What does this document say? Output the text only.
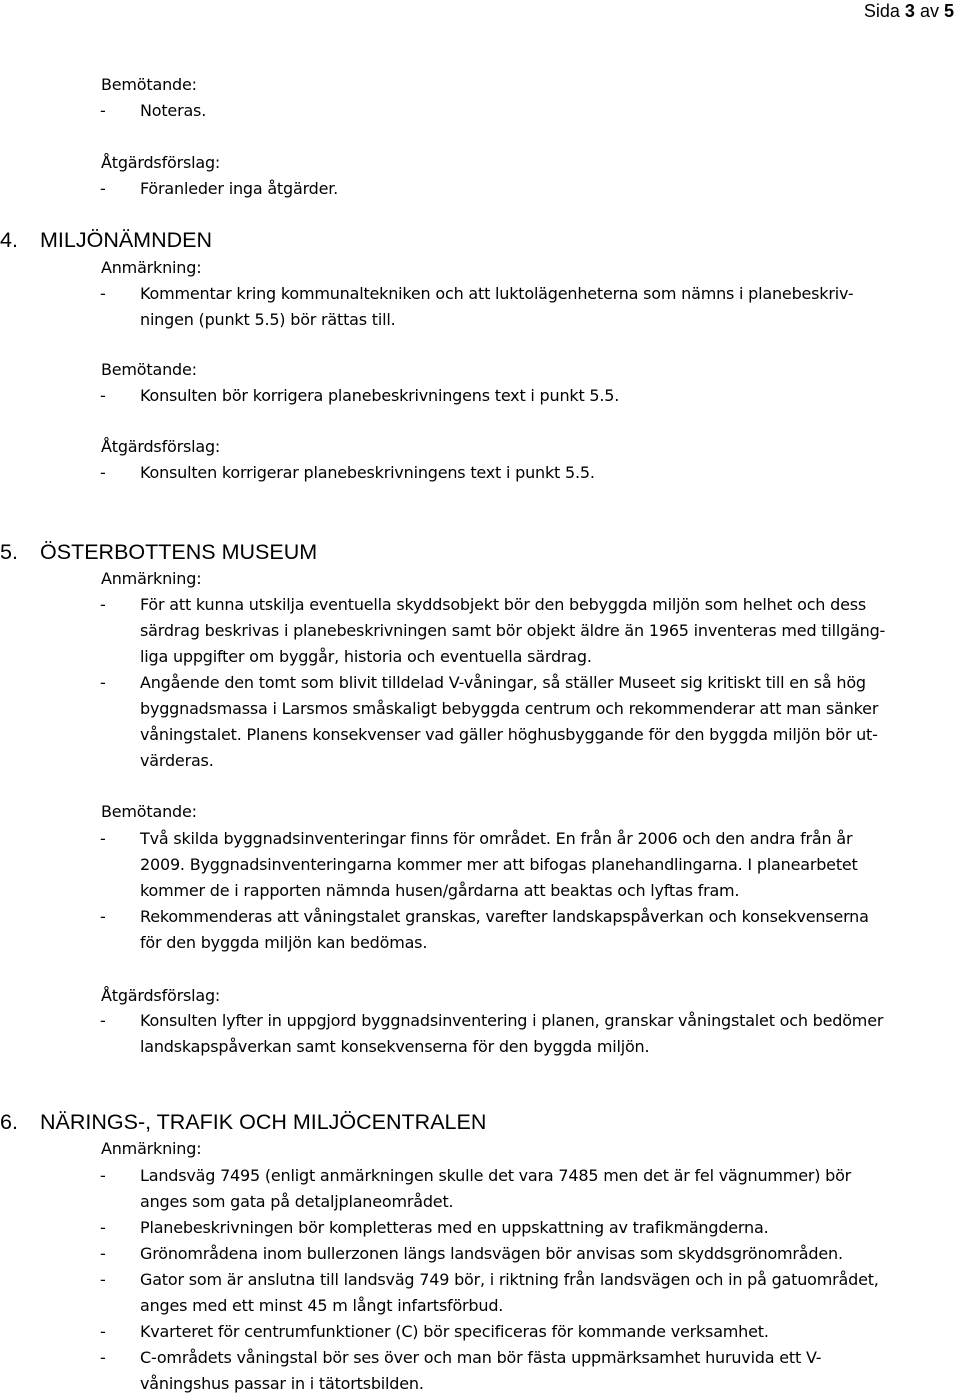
Sida 3 av 5
Bemötande:
- Noteras.
Åtgärdsförslag:
- Föranleder inga åtgärder.
4. MILJÖNÄMNDEN
Anmärkning:
- Kommentar kring kommunaltekniken och att luktolägenheterna som nämns i planebeskriv-
ningen (punkt 5.5) bör rättas till.
Bemötande:
- Konsulten bör korrigera planebeskrivningens text i punkt 5.5.
Åtgärdsförslag:
- Konsulten korrigerar planebeskrivningens text i punkt 5.5.
5. ÖSTERBOTTENS MUSEUM
Anmärkning:
- För att kunna utskilja eventuella skyddsobjekt bör den bebyggda miljön som helhet och dess
särdrag beskrivas i planebeskrivningen samt bör objekt äldre än 1965 inventeras med tillgäng-
liga uppgifter om byggår, historia och eventuella särdrag.
- Angående den tomt som blivit tilldelad V-våningar, så ställer Museet sig kritiskt till en så hög
byggnadsmassa i Larsmos småskaligt bebyggda centrum och rekommenderar att man sänker
våningstalet. Planens konsekvenser vad gäller höghusbyggande för den byggda miljön bör ut-
värderas.
Bemötande:
- Två skilda byggnadsinventeringar finns för området. En från år 2006 och den andra från år
2009. Byggnadsinventeringarna kommer mer att bifogas planehandlingarna. I planearbetet
kommer de i rapporten nämnda husen/gårdarna att beaktas och lyftas fram.
- Rekommenderas att våningstalet granskas, varefter landskapspåverkan och konsekvenserna
för den byggda miljön kan bedömas.
Åtgärdsförslag:
- Konsulten lyfter in uppgjord byggnadsinventering i planen, granskar våningstalet och bedömer
landskapspåverkan samt konsekvenserna för den byggda miljön.
6. NÄRINGS-, TRAFIK OCH MILJÖCENTRALEN
Anmärkning:
- Landsväg 7495 (enligt anmärkningen skulle det vara 7485 men det är fel vägnummer) bör
anges som gata på detaljplaneområdet.
- Planebeskrivningen bör kompletteras med en uppskattning av trafikmängderna.
- Grönområdena inom bullerzonen längs landsvägen bör anvisas som skyddsgrönområden.
- Gator som är anslutna till landsväg 749 bör, i riktning från landsvägen och in på gatuområdet,
anges med ett minst 45 m långt infartsförbud.
- Kvarteret för centrumfunktioner (C) bör specificeras för kommande verksamhet.
- C-områdets våningstal bör ses över och man bör fästa uppmärksamhet huruvida ett V-
våningshus passar in i tätortsbilden.
